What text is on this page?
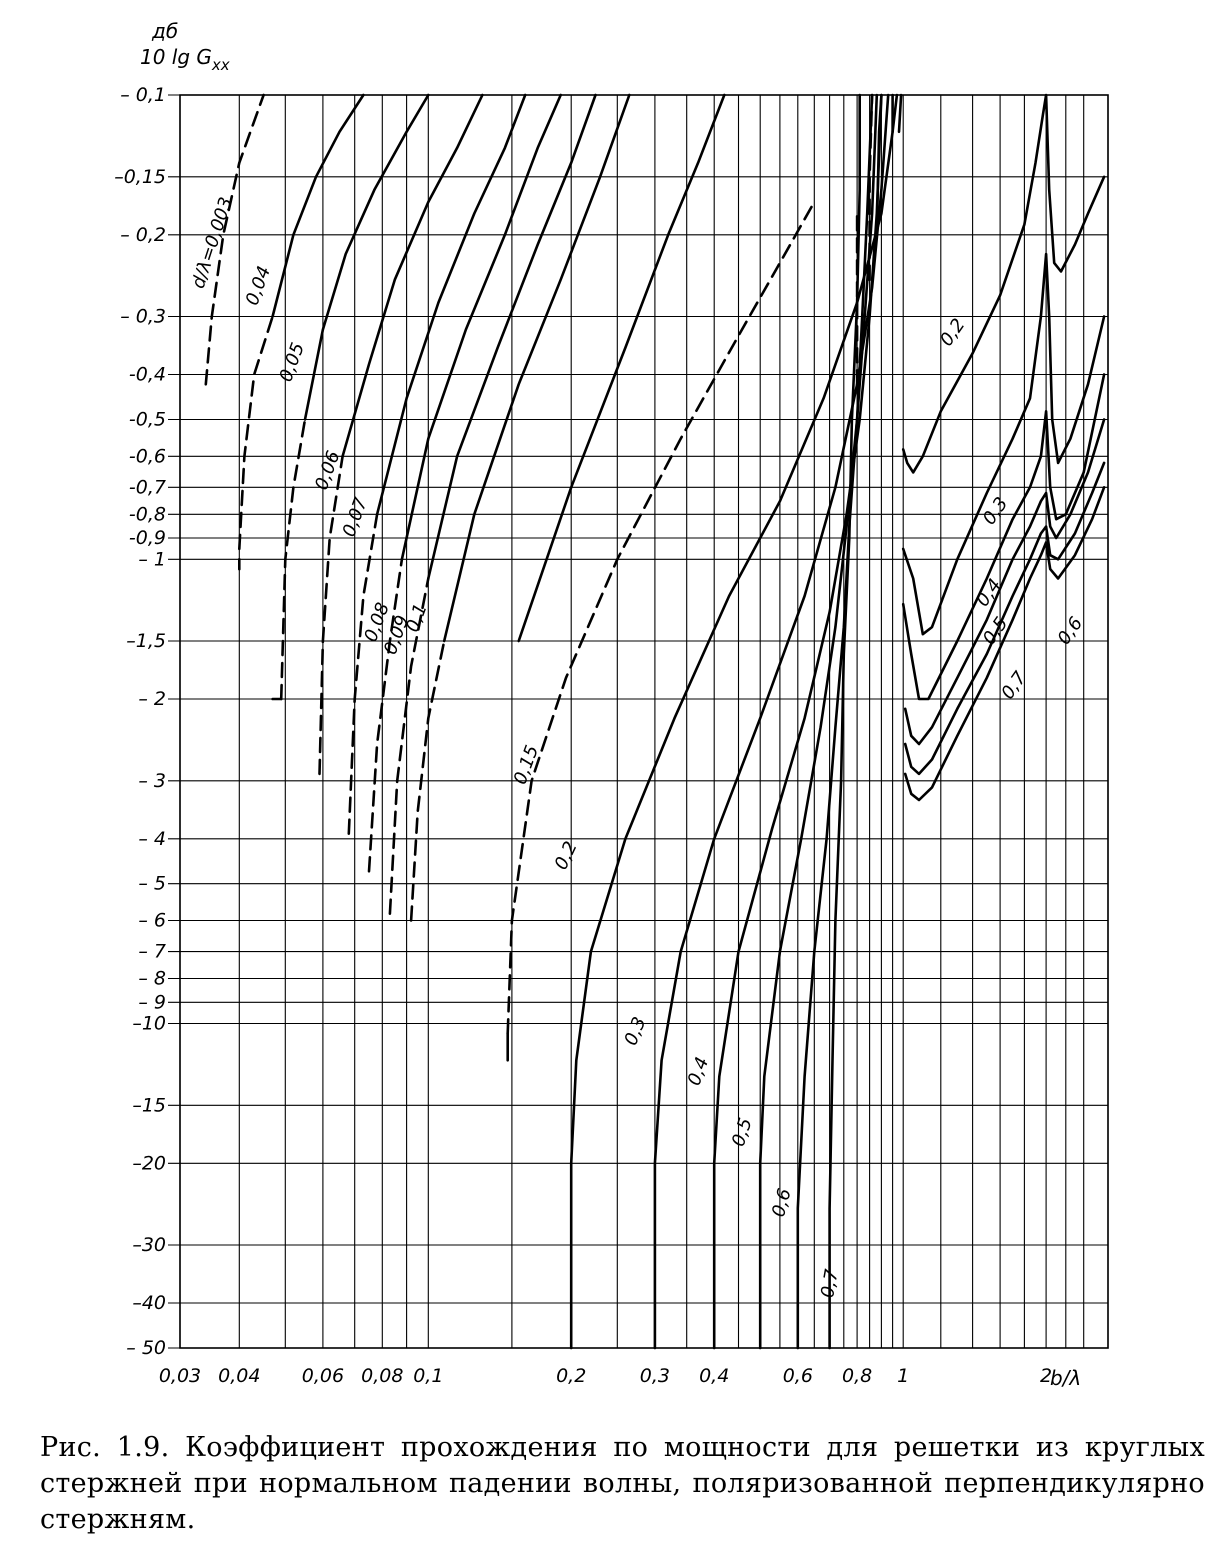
d/λ=0,003 0,04
0,05
0,06
0,07
0,08
0,09
0,1
0,15
0,2
0,3
0,4
0,5
0,6
0,7
0,2
0,3
0,4
0,5 0,6
0,7
– 0,1
–0,15
– 0,2
– 0,3
-0,4
-0,5
-0,6
-0,7
-0,8
-0,9
– 1
–1,5
– 2
– 3
– 4
– 5
– 6
– 7
– 8
– 9
–10
–15
–20
–30
–40
– 50
0,03 0,04 0,06 0,08 0,1	0,2	0,3 0,4	0,6 0,8 1	2
дб
10 $\lg G_{xx}$
b/λ
Рис. 1.9. Коэффициент прохождения по мощности для решетки из круглых стержней при нормальном падении волны, поляризованной перпендикулярно стержням.
